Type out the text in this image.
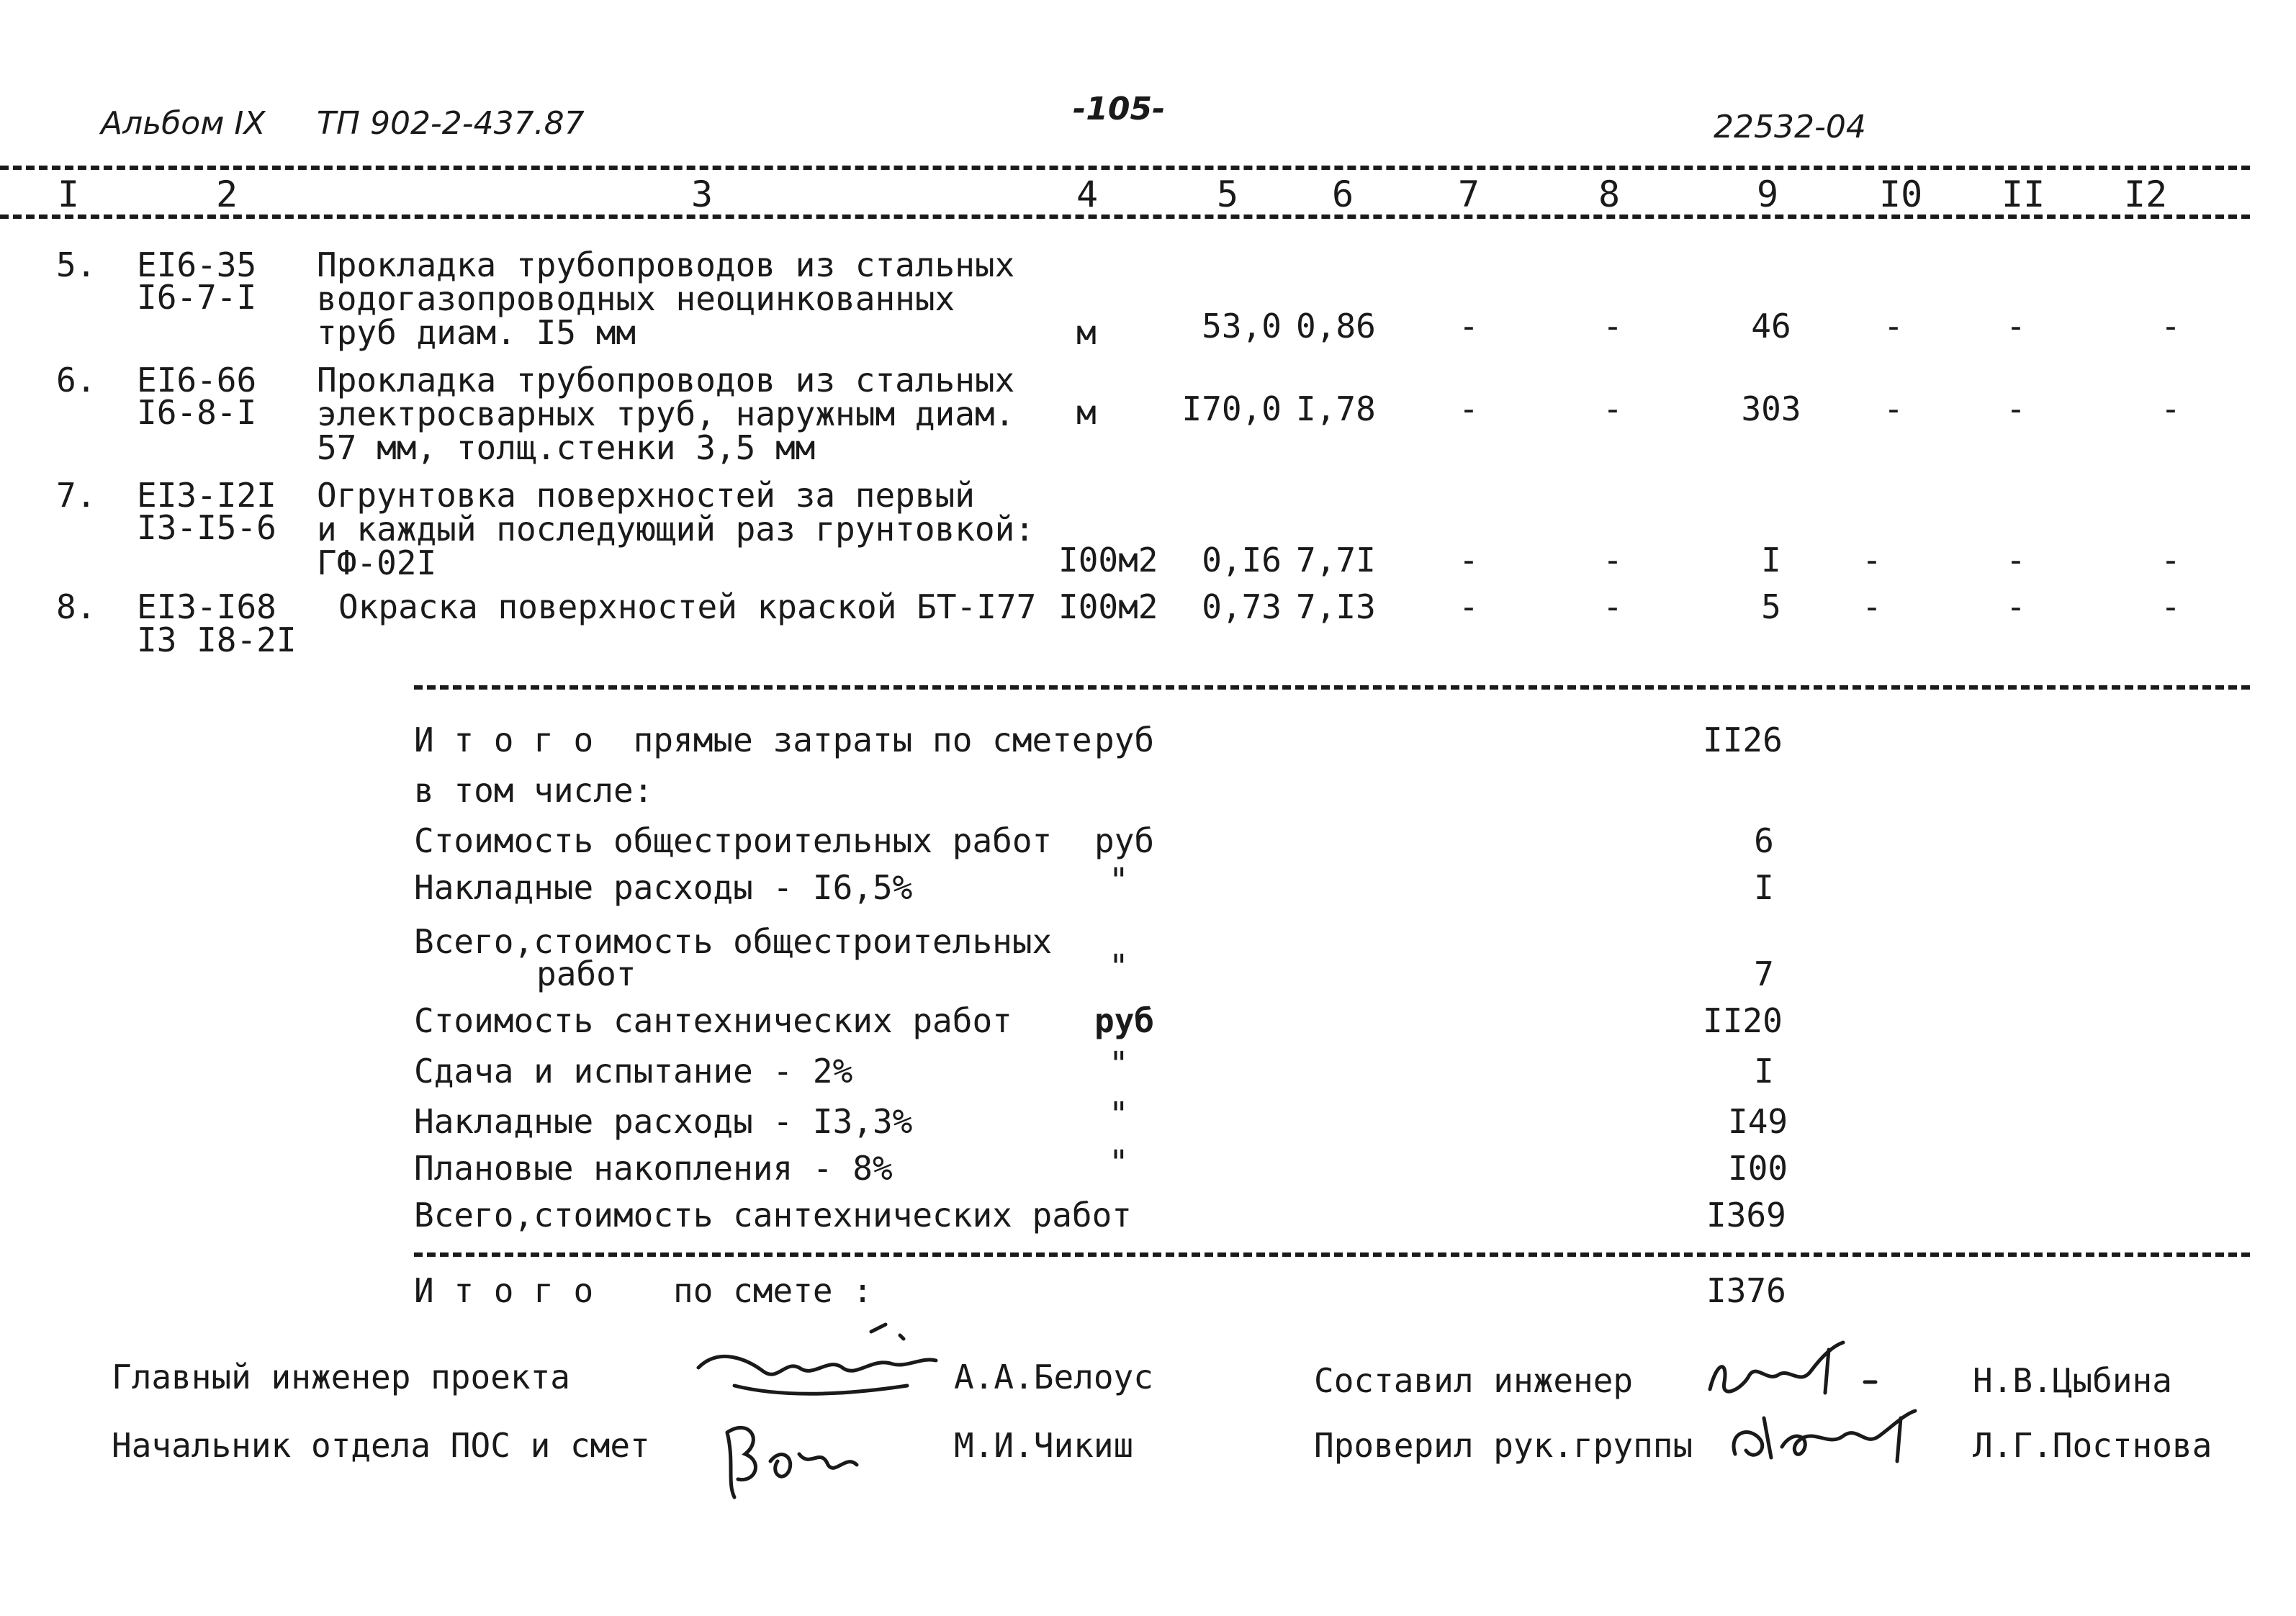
Альбом IX ТП 902-2-437.87	-105-	22532-04
I	2	3	4	5	6	7	8	9	I0 II I2
5. EI6-35
I6-7-I
Прокладка трубопроводов из стальных
водогазопроводных неоцинкованных
труб диам. I5 мм	м	53,0 0,86	-	-	46	-	-	-
6. EI6-66
I6-8-I
Прокладка трубопроводов из стальных
электросварных труб, наружным диам.
57 мм, толщ.стенки 3,5 мм
м	I70,0 I,78	-	-	303	-	-	-
7. EI3-I2I
I3-I5-6
Огрунтовка поверхностей за первый
и каждый последующий раз грунтовкой:
ГФ-02I	I00м2	0,I6 7,7I	-	-	I	-	-	-
8. EI3-I68
I3 I8-2I
Окраска поверхностей краской БТ-I77 I00м2	0,73 7,I3	-	-	5	-	-	-
И т о г о  прямые затраты по смете руб	II26
в том числе:
Стоимость общестроительных работ руб	6
Накладные расходы - I6,5%	"	I
Всего,стоимость общестроительных
работ	"	7
Стоимость сантехнических работ руб	II20
Сдача и испытание - 2%	"	I
Накладные расходы - I3,3%	"	I49
Плановые накопления - 8%	"	I00
Всего,стоимость сантехнических работ	I369
И т о г о    по смете :	I376
Главный инженер проекта	А.А.Белоус
Начальник отдела ПОС и смет	М.И.Чикиш
Составил инженер	Н.В.Цыбина
Проверил рук.группы	Л.Г.Постнова
